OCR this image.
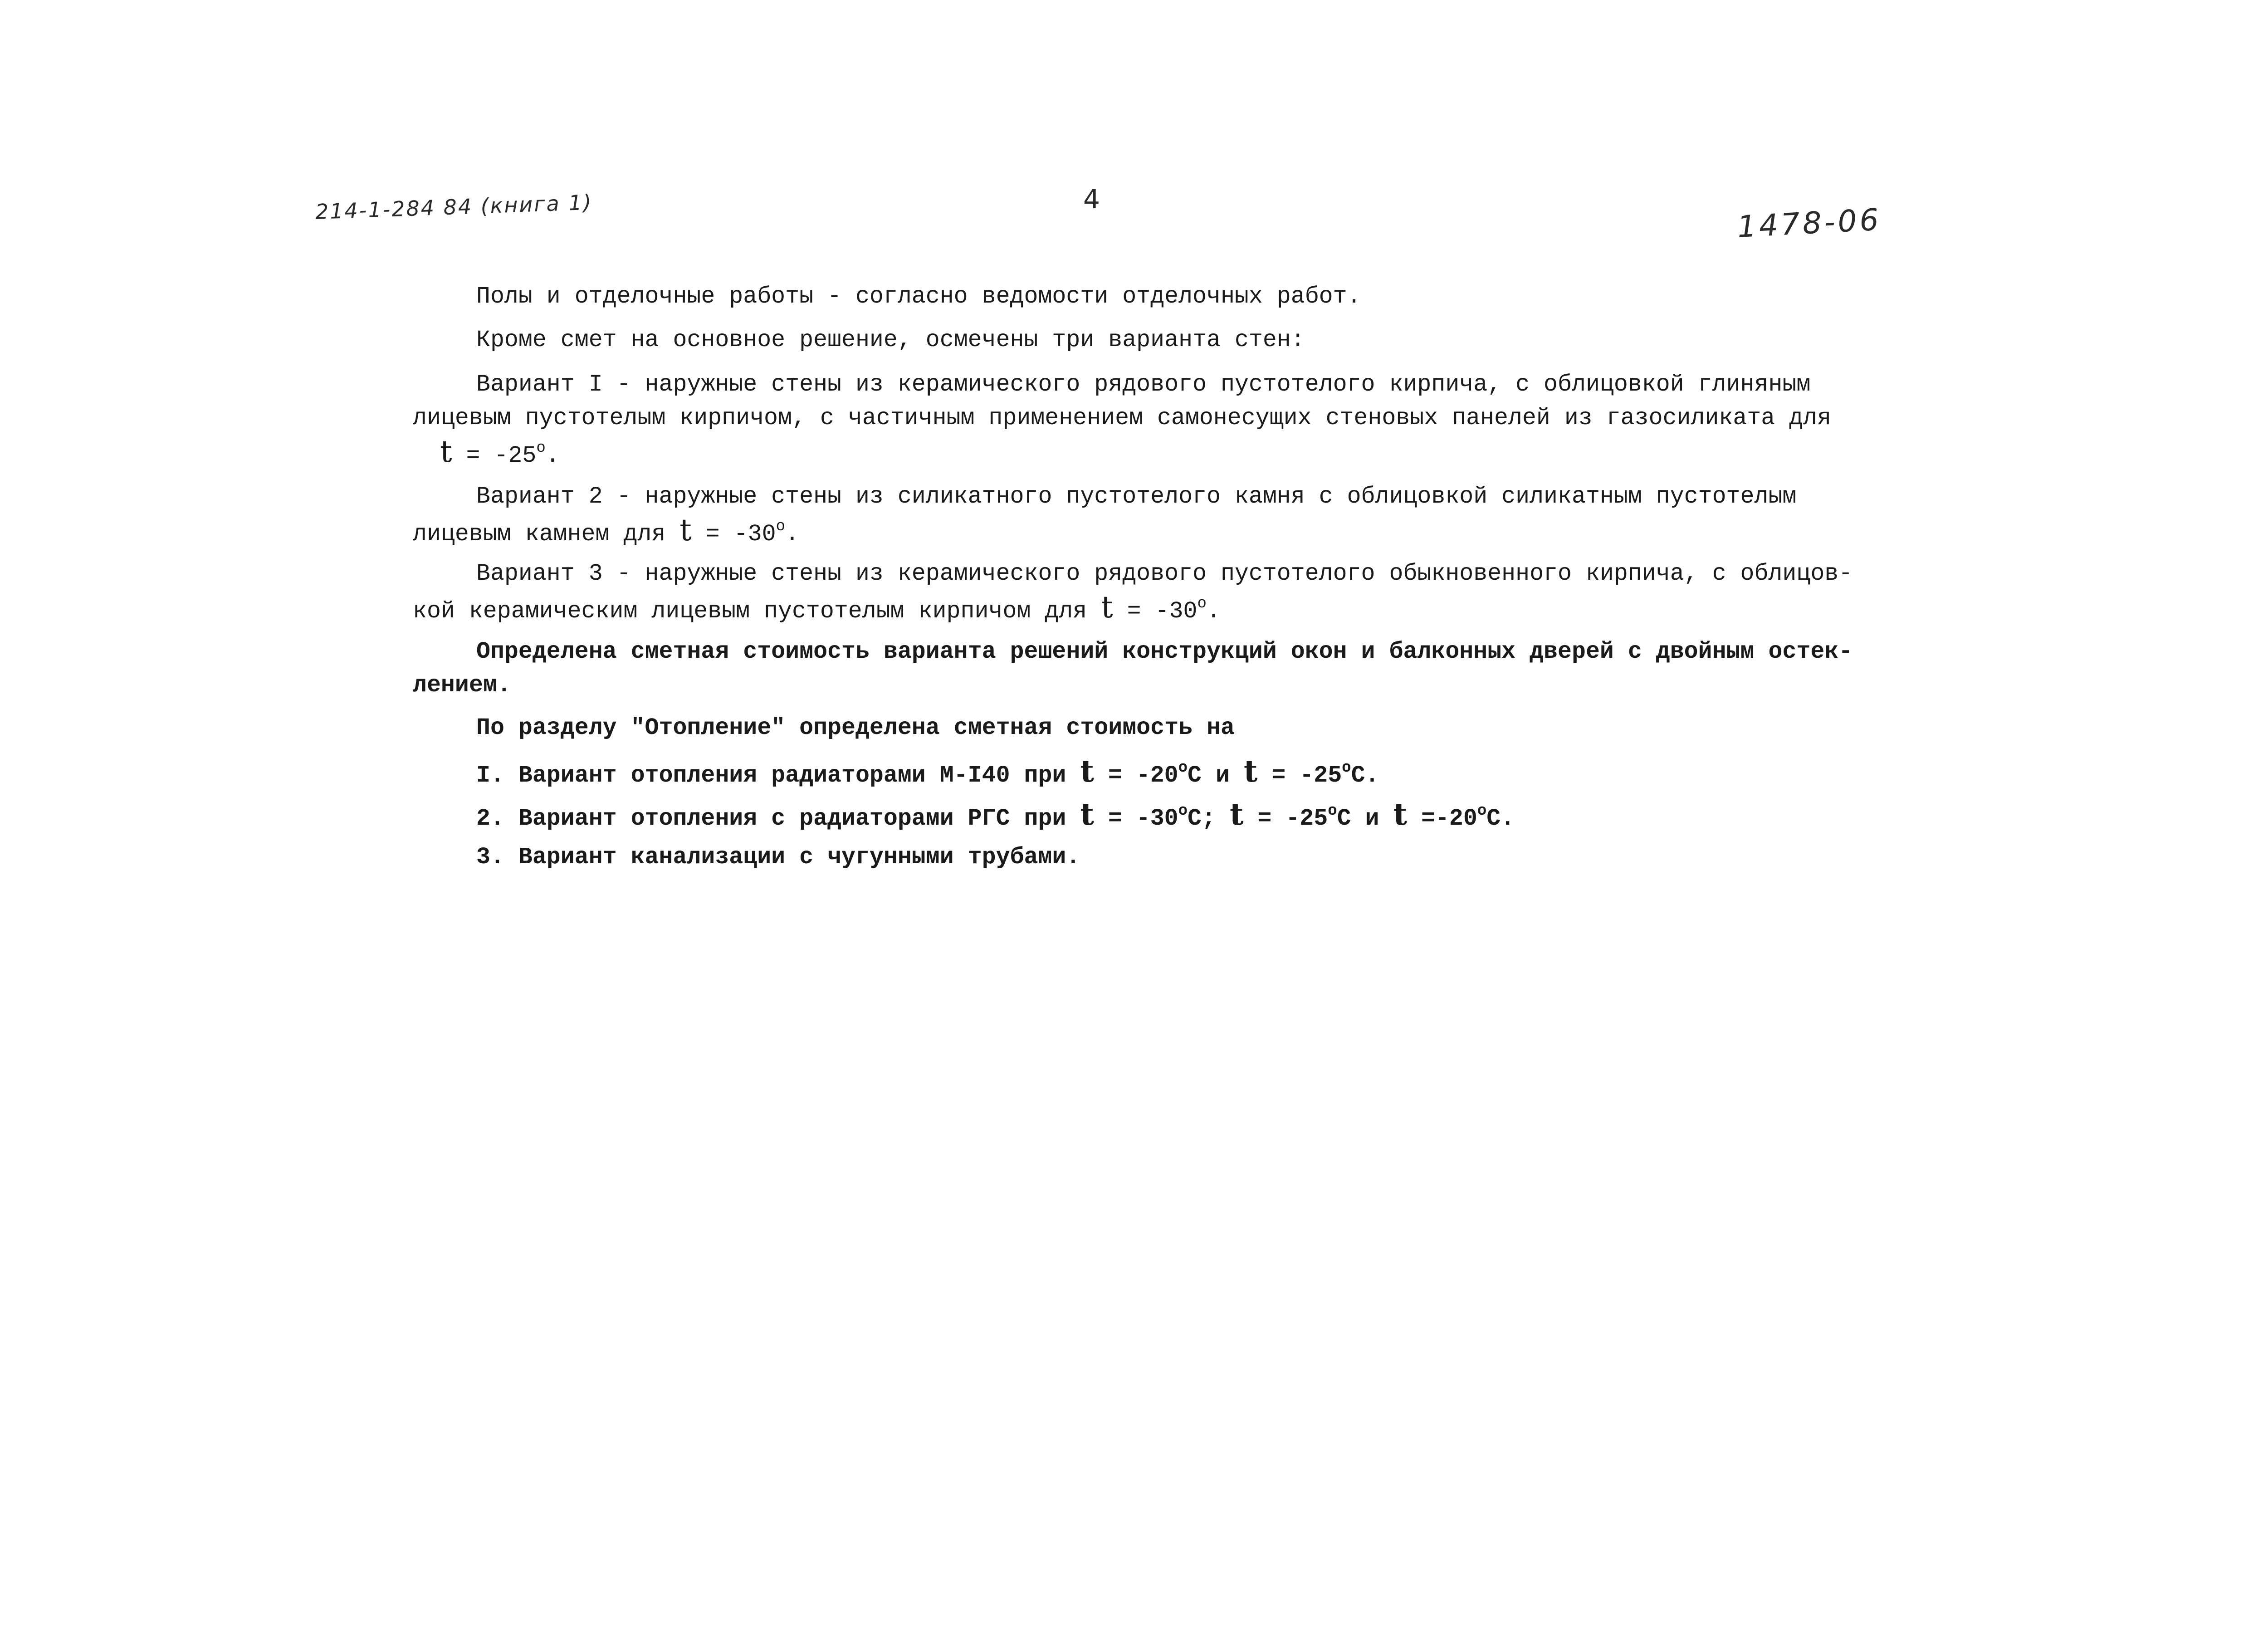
214-1-284 84 (книга 1)	4
1478-06
Полы и отделочные работы - согласно ведомости отделочных работ.
Кроме смет на основное решение, осмечены три варианта стен:
Вариант I - наружные стены из керамического рядового пустотелого кирпича, с облицовкой глиняным
лицевым пустотелым кирпичом, с частичным применением самонесущих стеновых панелей из газосиликата для
$t = -25^o$.
Вариант 2 - наружные стены из силикатного пустотелого камня с облицовкой силикатным пустотелым
лицевым камнем для $t = -30^o$.
Вариант 3 - наружные стены из керамического рядового пустотелого обыкновенного кирпича, с облицов-
кой керамическим лицевым пустотелым кирпичом для $t = -30^o$.
Определена сметная стоимость варианта решений конструкций окон и балконных дверей с двойным остек-
лением.
По разделу "Отопление" определена сметная стоимость на
I. Вариант отопления радиаторами М-I40 при $t = -20^oC$ и $t = -25^oC$.
2. Вариант отопления с радиаторами РГС при $t = -30^oC$; $t = -25^oC$ и $t =-20^oC$.
3. Вариант канализации с чугунными трубами.
